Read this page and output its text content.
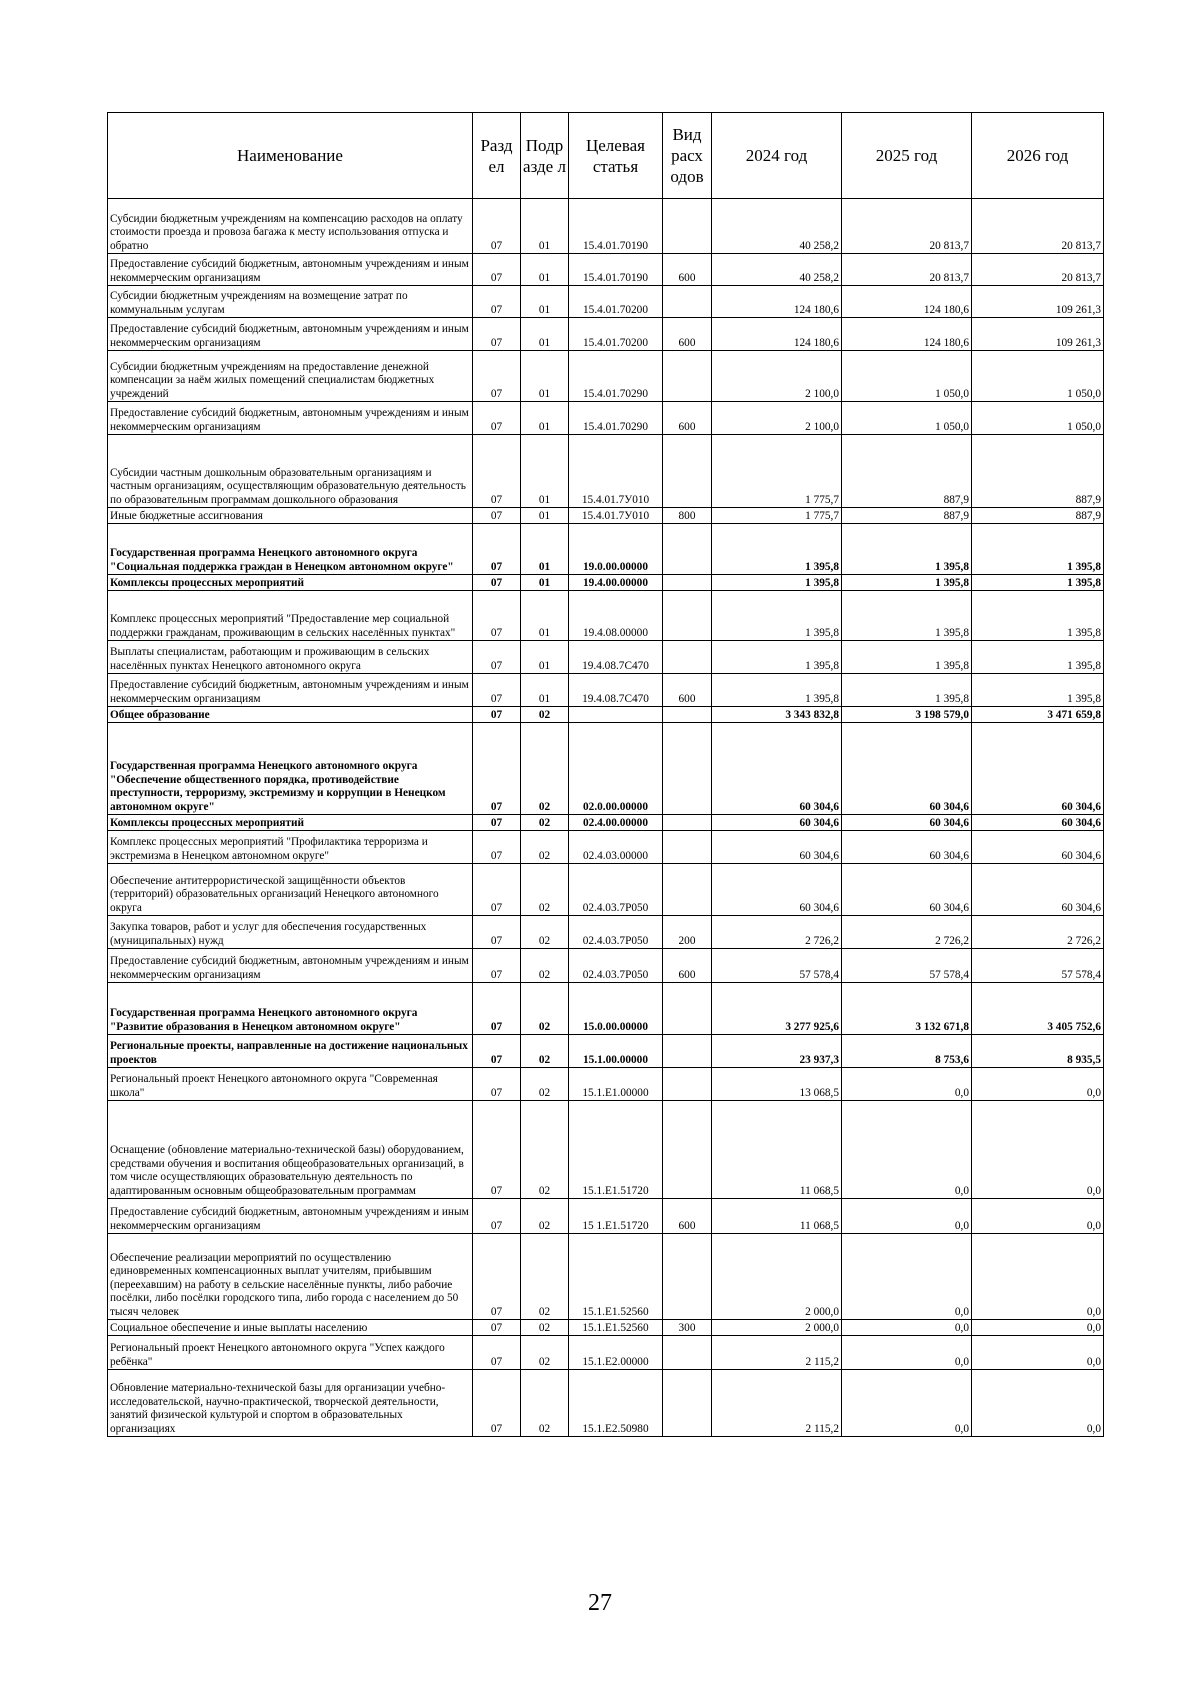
Наименование	Разд ел	Подр азде л	Целевая статья	Вид расх одов	2024 год	2025 год	2026 год
Субсидии бюджетным учреждениям на компенсацию расходов на оплату стоимости проезда и провоза багажа к месту использования отпуска и обратно	07	01	15.4.01.70190		40 258,2	20 813,7	20 813,7
Предоставление субсидий бюджетным, автономным учреждениям и иным некоммерческим организациям	07	01	15.4.01.70190	600	40 258,2	20 813,7	20 813,7
Субсидии бюджетным учреждениям на возмещение затрат по коммунальным услугам	07	01	15.4.01.70200		124 180,6	124 180,6	109 261,3
Предоставление субсидий бюджетным, автономным учреждениям и иным некоммерческим организациям	07	01	15.4.01.70200	600	124 180,6	124 180,6	109 261,3
Субсидии бюджетным учреждениям на предоставление денежной компенсации за наём жилых помещений специалистам бюджетных учреждений	07	01	15.4.01.70290		2 100,0	1 050,0	1 050,0
Предоставление субсидий бюджетным, автономным учреждениям и иным некоммерческим организациям	07	01	15.4.01.70290	600	2 100,0	1 050,0	1 050,0
Субсидии частным дошкольным образовательным организациям и частным организациям, осуществляющим образовательную деятельность по образовательным программам дошкольного образования	07	01	15.4.01.7У010		1 775,7	887,9	887,9
Иные бюджетные ассигнования	07	01	15.4.01.7У010	800	1 775,7	887,9	887,9
Государственная программа Ненецкого автономного округа "Социальная поддержка граждан в Ненецком автономном округе"	07	01	19.0.00.00000		1 395,8	1 395,8	1 395,8
Комплексы процессных мероприятий	07	01	19.4.00.00000		1 395,8	1 395,8	1 395,8
Комплекс процессных мероприятий "Предоставление мер социальной поддержки гражданам, проживающим в сельских населённых пунктах"	07	01	19.4.08.00000		1 395,8	1 395,8	1 395,8
Выплаты специалистам, работающим и проживающим в сельских населённых пунктах Ненецкого автономного округа	07	01	19.4.08.7С470		1 395,8	1 395,8	1 395,8
Предоставление субсидий бюджетным, автономным учреждениям и иным некоммерческим организациям	07	01	19.4.08.7С470	600	1 395,8	1 395,8	1 395,8
Общее образование	07	02			3 343 832,8	3 198 579,0	3 471 659,8
Государственная программа Ненецкого автономного округа "Обеспечение общественного порядка, противодействие преступности, терроризму, экстремизму и коррупции в Ненецком автономном округе"	07	02	02.0.00.00000		60 304,6	60 304,6	60 304,6
Комплексы процессных мероприятий	07	02	02.4.00.00000		60 304,6	60 304,6	60 304,6
Комплекс процессных мероприятий "Профилактика терроризма и экстремизма в Ненецком автономном округе"	07	02	02.4.03.00000		60 304,6	60 304,6	60 304,6
Обеспечение антитеррористической защищённости объектов (территорий) образовательных организаций Ненецкого автономного округа	07	02	02.4.03.7Р050		60 304,6	60 304,6	60 304,6
Закупка товаров, работ и услуг для обеспечения государственных (муниципальных) нужд	07	02	02.4.03.7Р050	200	2 726,2	2 726,2	2 726,2
Предоставление субсидий бюджетным, автономным учреждениям и иным некоммерческим организациям	07	02	02.4.03.7Р050	600	57 578,4	57 578,4	57 578,4
Государственная программа Ненецкого автономного округа "Развитие образования в Ненецком автономном округе"	07	02	15.0.00.00000		3 277 925,6	3 132 671,8	3 405 752,6
Региональные проекты, направленные на достижение национальных проектов	07	02	15.1.00.00000		23 937,3	8 753,6	8 935,5
Региональный проект Ненецкого автономного округа "Современная школа"	07	02	15.1.Е1.00000		13 068,5	0,0	0,0
Оснащение (обновление материально-технической базы) оборудованием, средствами обучения и воспитания общеобразовательных организаций, в том числе осуществляющих образовательную деятельность по адаптированным основным общеобразовательным программам	07	02	15.1.Е1.51720		11 068,5	0,0	0,0
Предоставление субсидий бюджетным, автономным учреждениям и иным некоммерческим организациям	07	02	15 1.Е1.51720	600	11 068,5	0,0	0,0
Обеспечение реализации мероприятий по осуществлению единовременных компенсационных выплат учителям, прибывшим (переехавшим) на работу в сельские населённые пункты, либо рабочие посёлки, либо посёлки городского типа, либо города с населением до 50 тысяч человек	07	02	15.1.Е1.52560		2 000,0	0,0	0,0
Социальное обеспечение и иные выплаты населению	07	02	15.1.Е1.52560	300	2 000,0	0,0	0,0
Региональный проект Ненецкого автономного округа "Успех каждого ребёнка"	07	02	15.1.Е2.00000		2 115,2	0,0	0,0
Обновление материально-технической базы для организации учебно-исследовательской, научно-практической, творческой деятельности, занятий физической культурой и спортом в образовательных организациях	07	02	15.1.Е2.50980		2 115,2	0,0	0,0
27
